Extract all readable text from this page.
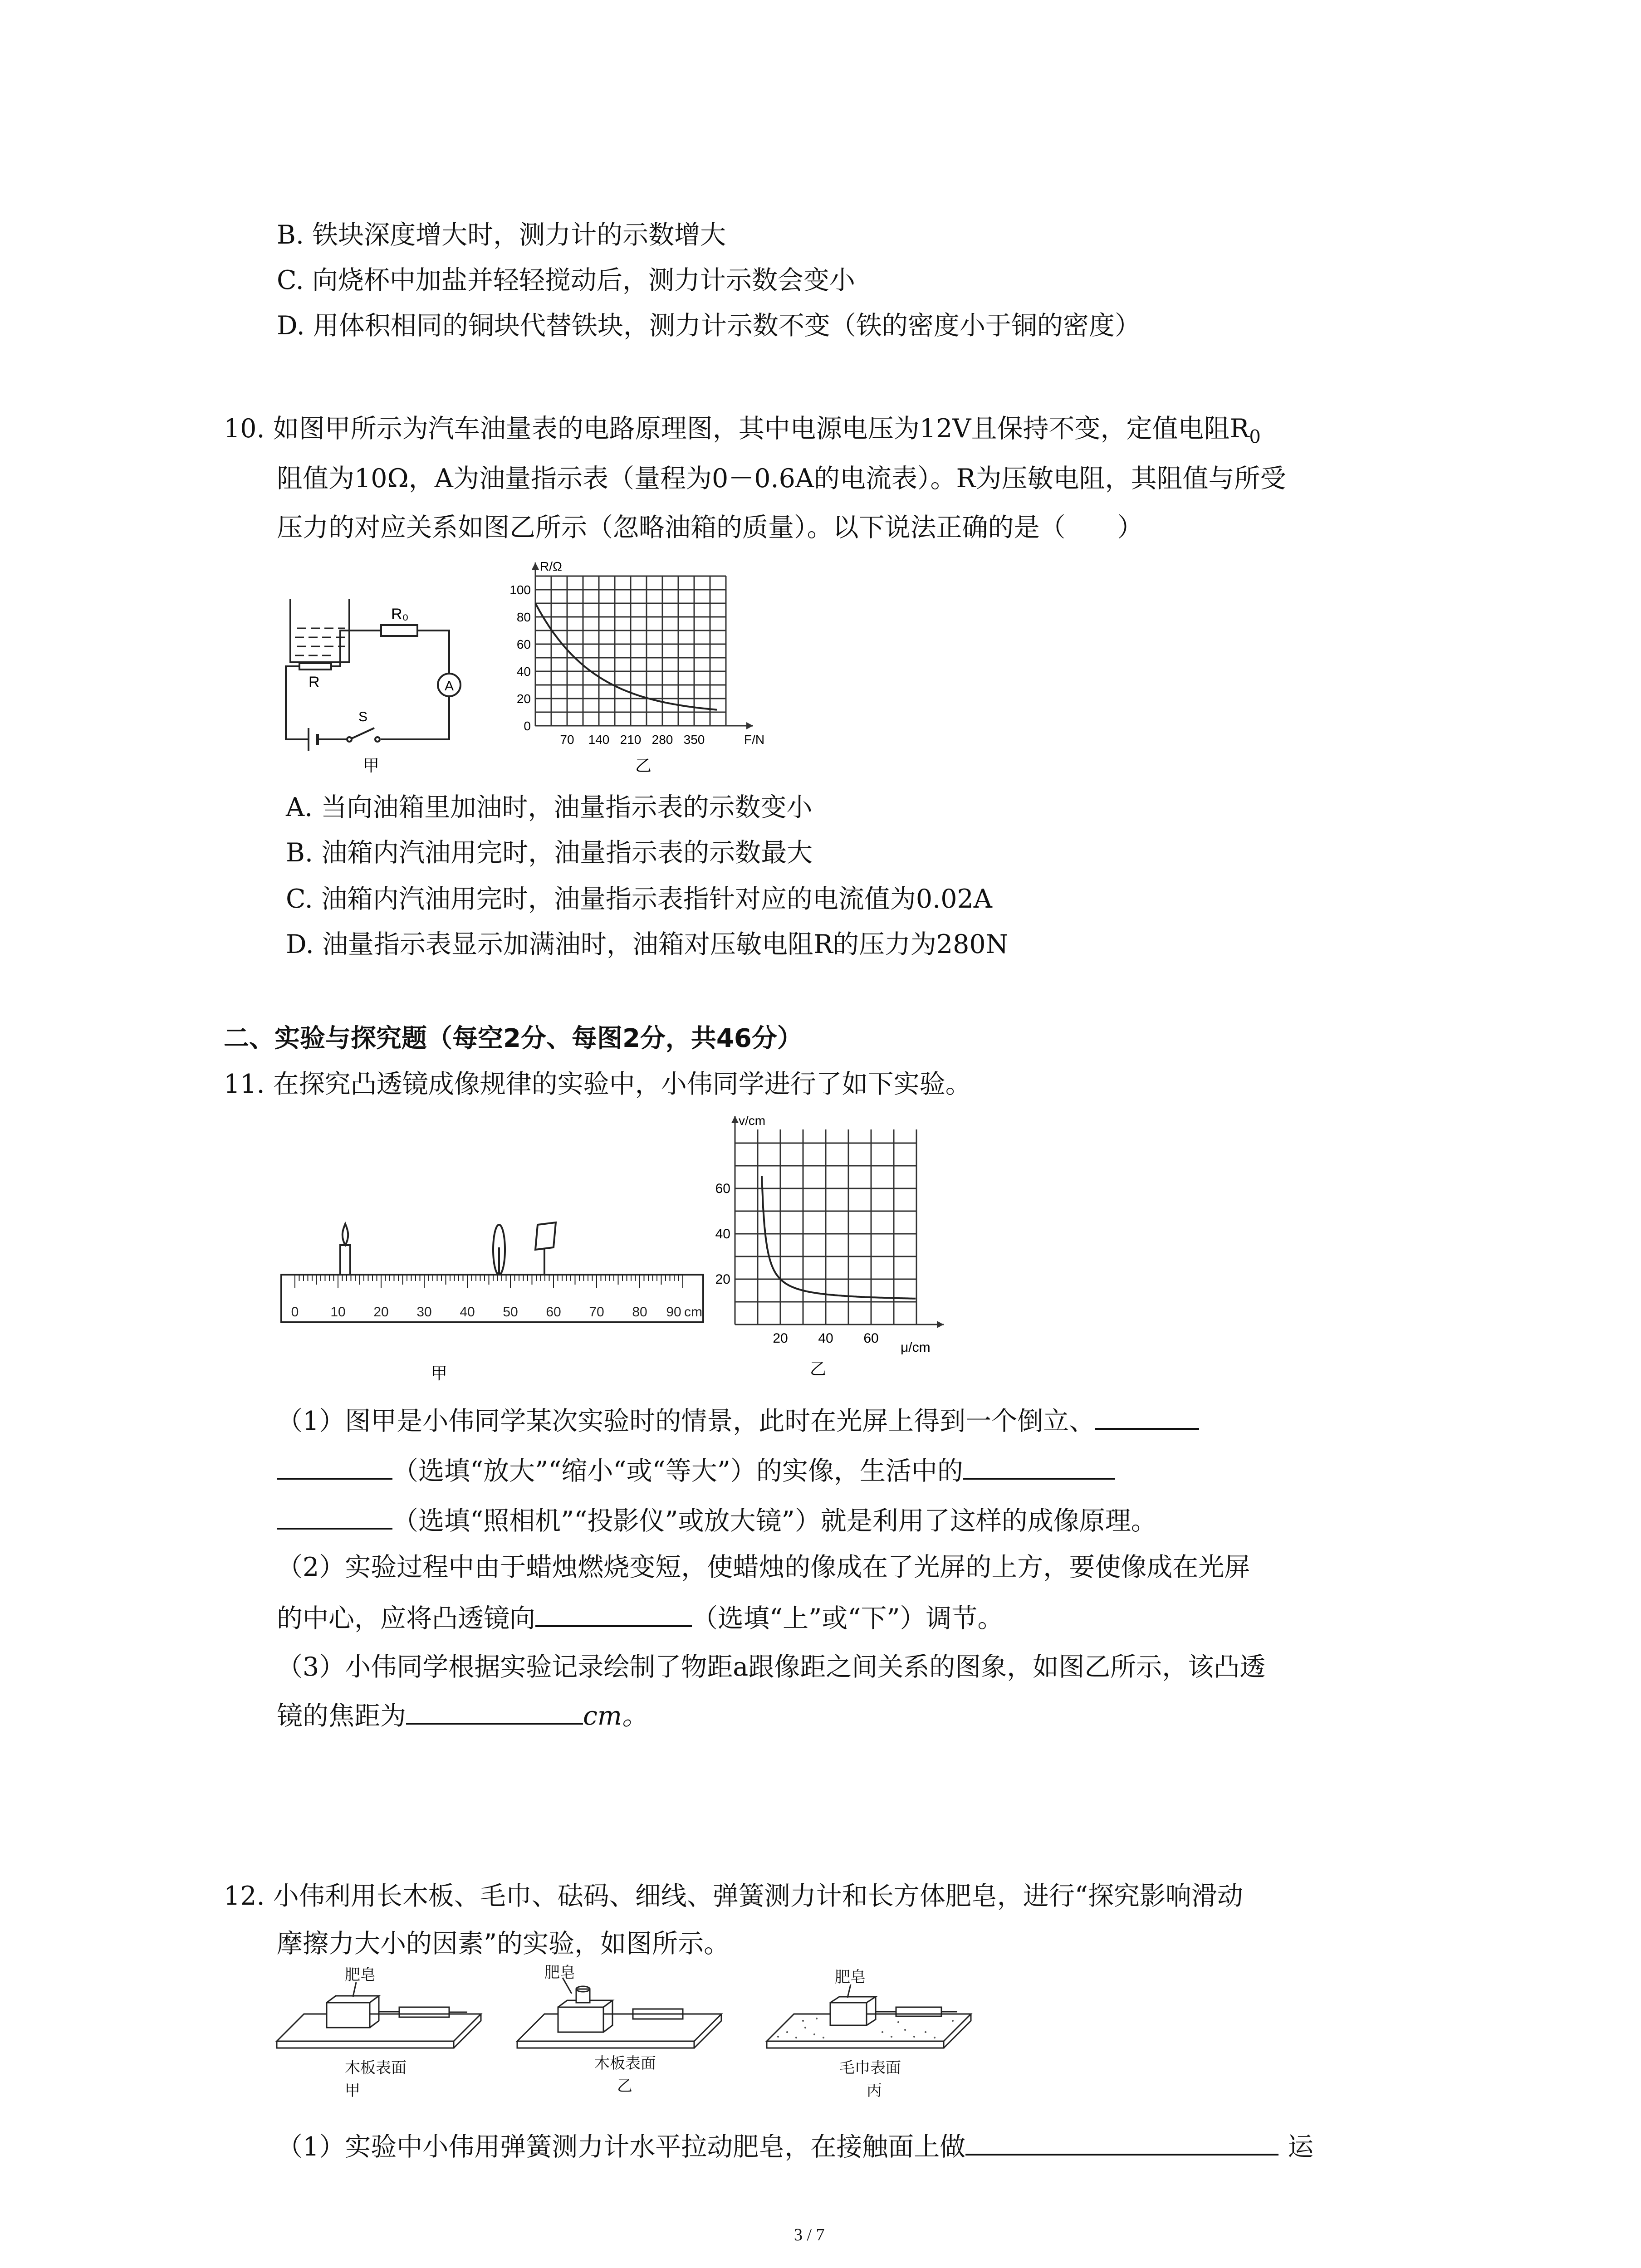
B. 铁块深度增大时，测力计的示数增大
C. 向烧杯中加盐并轻轻搅动后，测力计示数会变小
D. 用体积相同的铜块代替铁块，测力计示数不变（铁的密度小于铜的密度）
10. 如图甲所示为汽车油量表的电路原理图，其中电源电压为12V且保持不变，定值电阻$R_0$
阻值为10Ω，A为油量指示表（量程为0－0.6A的电流表）。R为压敏电阻，其阻值与所受
压力的对应关系如图乙所示（忽略油箱的质量）。以下说法正确的是（　　）
R₀
R
S
A
甲
R/Ω
F/N
0
20
40
60
80
100
70 140 210 280 350
乙
A. 当向油箱里加油时，油量指示表的示数变小
B. 油箱内汽油用完时，油量指示表的示数最大
C. 油箱内汽油用完时，油量指示表指针对应的电流值为0.02A
D. 油量指示表显示加满油时，油箱对压敏电阻R的压力为280N
二、实验与探究题（每空2分、每图2分，共46分）
11. 在探究凸透镜成像规律的实验中，小伟同学进行了如下实验。
0 10 20 30 40 50 60 70 80 90 cm
甲
v/cm
μ/cm
20
40
60
20 40 60
乙
（1）图甲是小伟同学某次实验时的情景，此时在光屏上得到一个倒立、
（选填“放大”“缩小“或“等大”）的实像，生活中的
（选填“照相机”“投影仪”或放大镜”）就是利用了这样的成像原理。
（2）实验过程中由于蜡烛燃烧变短，使蜡烛的像成在了光屏的上方，要使像成在光屏
的中心，应将凸透镜向	（选填“上”或“下”）调节。
（3）小伟同学根据实验记录绘制了物距a跟像距之间关系的图象，如图乙所示，该凸透
镜的焦距为	cm。
12. 小伟利用长木板、毛巾、砝码、细线、弹簧测力计和长方体肥皂，进行“探究影响滑动
摩擦力大小的因素”的实验，如图所示。
肥皂	肥皂	肥皂
木板表面	木板表面	毛巾表面
甲	乙	丙
（1）实验中小伟用弹簧测力计水平拉动肥皂，在接触面上做	运
3 / 7
